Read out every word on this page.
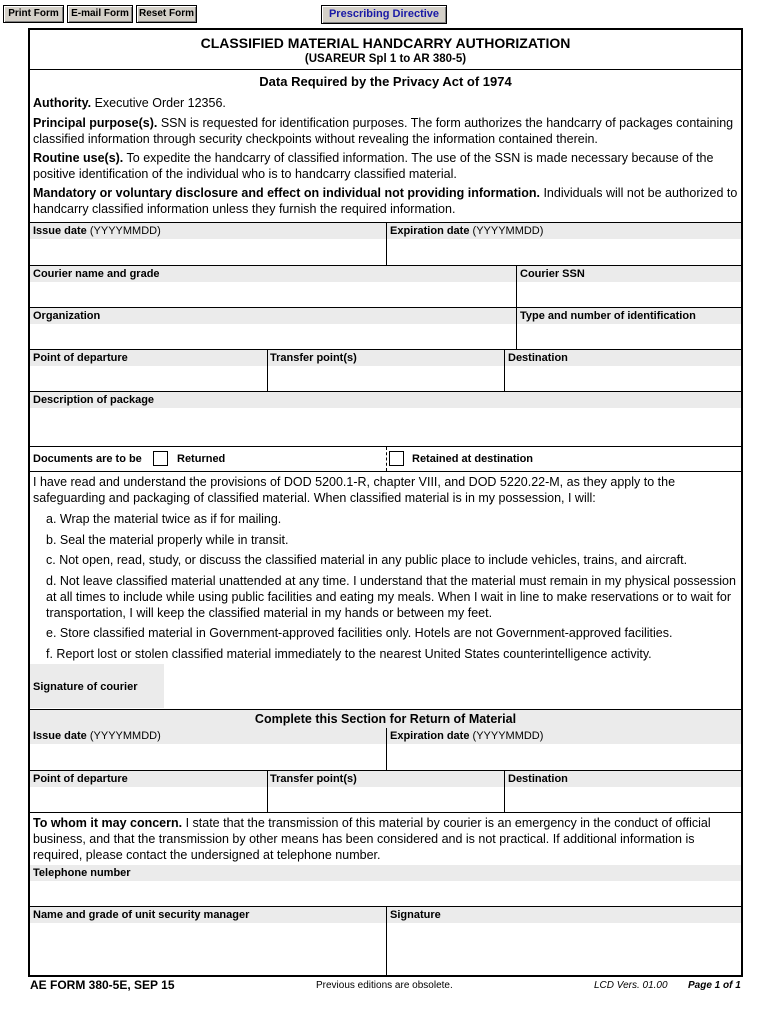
Print Form	E-mail Form	Reset Form	Prescribing Directive
CLASSIFIED MATERIAL HANDCARRY AUTHORIZATION
(USAREUR Spl 1 to AR 380-5)
Data Required by the Privacy Act of 1974
Authority. Executive Order 12356.
Principal purpose(s). SSN is requested for identification purposes. The form authorizes the handcarry of packages containing classified information through security checkpoints without revealing the information contained therein.
Routine use(s). To expedite the handcarry of classified information. The use of the SSN is made necessary because of the positive identification of the individual who is to handcarry classified material.
Mandatory or voluntary disclosure and effect on individual not providing information. Individuals will not be authorized to handcarry classified information unless they furnish the required information.
Issue date (YYYYMMDD)	Expiration date (YYYYMMDD)
Courier name and grade	Courier SSN
Organization	Type and number of identification
Point of departure	Transfer point(s)	Destination
Description of package
Documents are to be	Returned	Retained at destination
I have read and understand the provisions of DOD 5200.1-R, chapter VIII, and DOD 5220.22-M, as they apply to the safeguarding and packaging of classified material. When classified material is in my possession, I will:
a. Wrap the material twice as if for mailing.
b. Seal the material properly while in transit.
c. Not open, read, study, or discuss the classified material in any public place to include vehicles, trains, and aircraft.
d. Not leave classified material unattended at any time. I understand that the material must remain in my physical possession at all times to include while using public facilities and eating my meals. When I wait in line to make reservations or to wait for transportation, I will keep the classified material in my hands or between my feet.
e. Store classified material in Government-approved facilities only. Hotels are not Government-approved facilities.
f. Report lost or stolen classified material immediately to the nearest United States counterintelligence activity.
Signature of courier
Complete this Section for Return of Material
Issue date (YYYYMMDD)	Expiration date (YYYYMMDD)
Point of departure	Transfer point(s)	Destination
To whom it may concern. I state that the transmission of this material by courier is an emergency in the conduct of official business, and that the transmission by other means has been considered and is not practical. If additional information is required, please contact the undersigned at telephone number.
Telephone number
Name and grade of unit security manager	Signature
AE FORM 380-5E, SEP 15	Previous editions are obsolete.	LCD Vers. 01.00 Page 1 of 1
